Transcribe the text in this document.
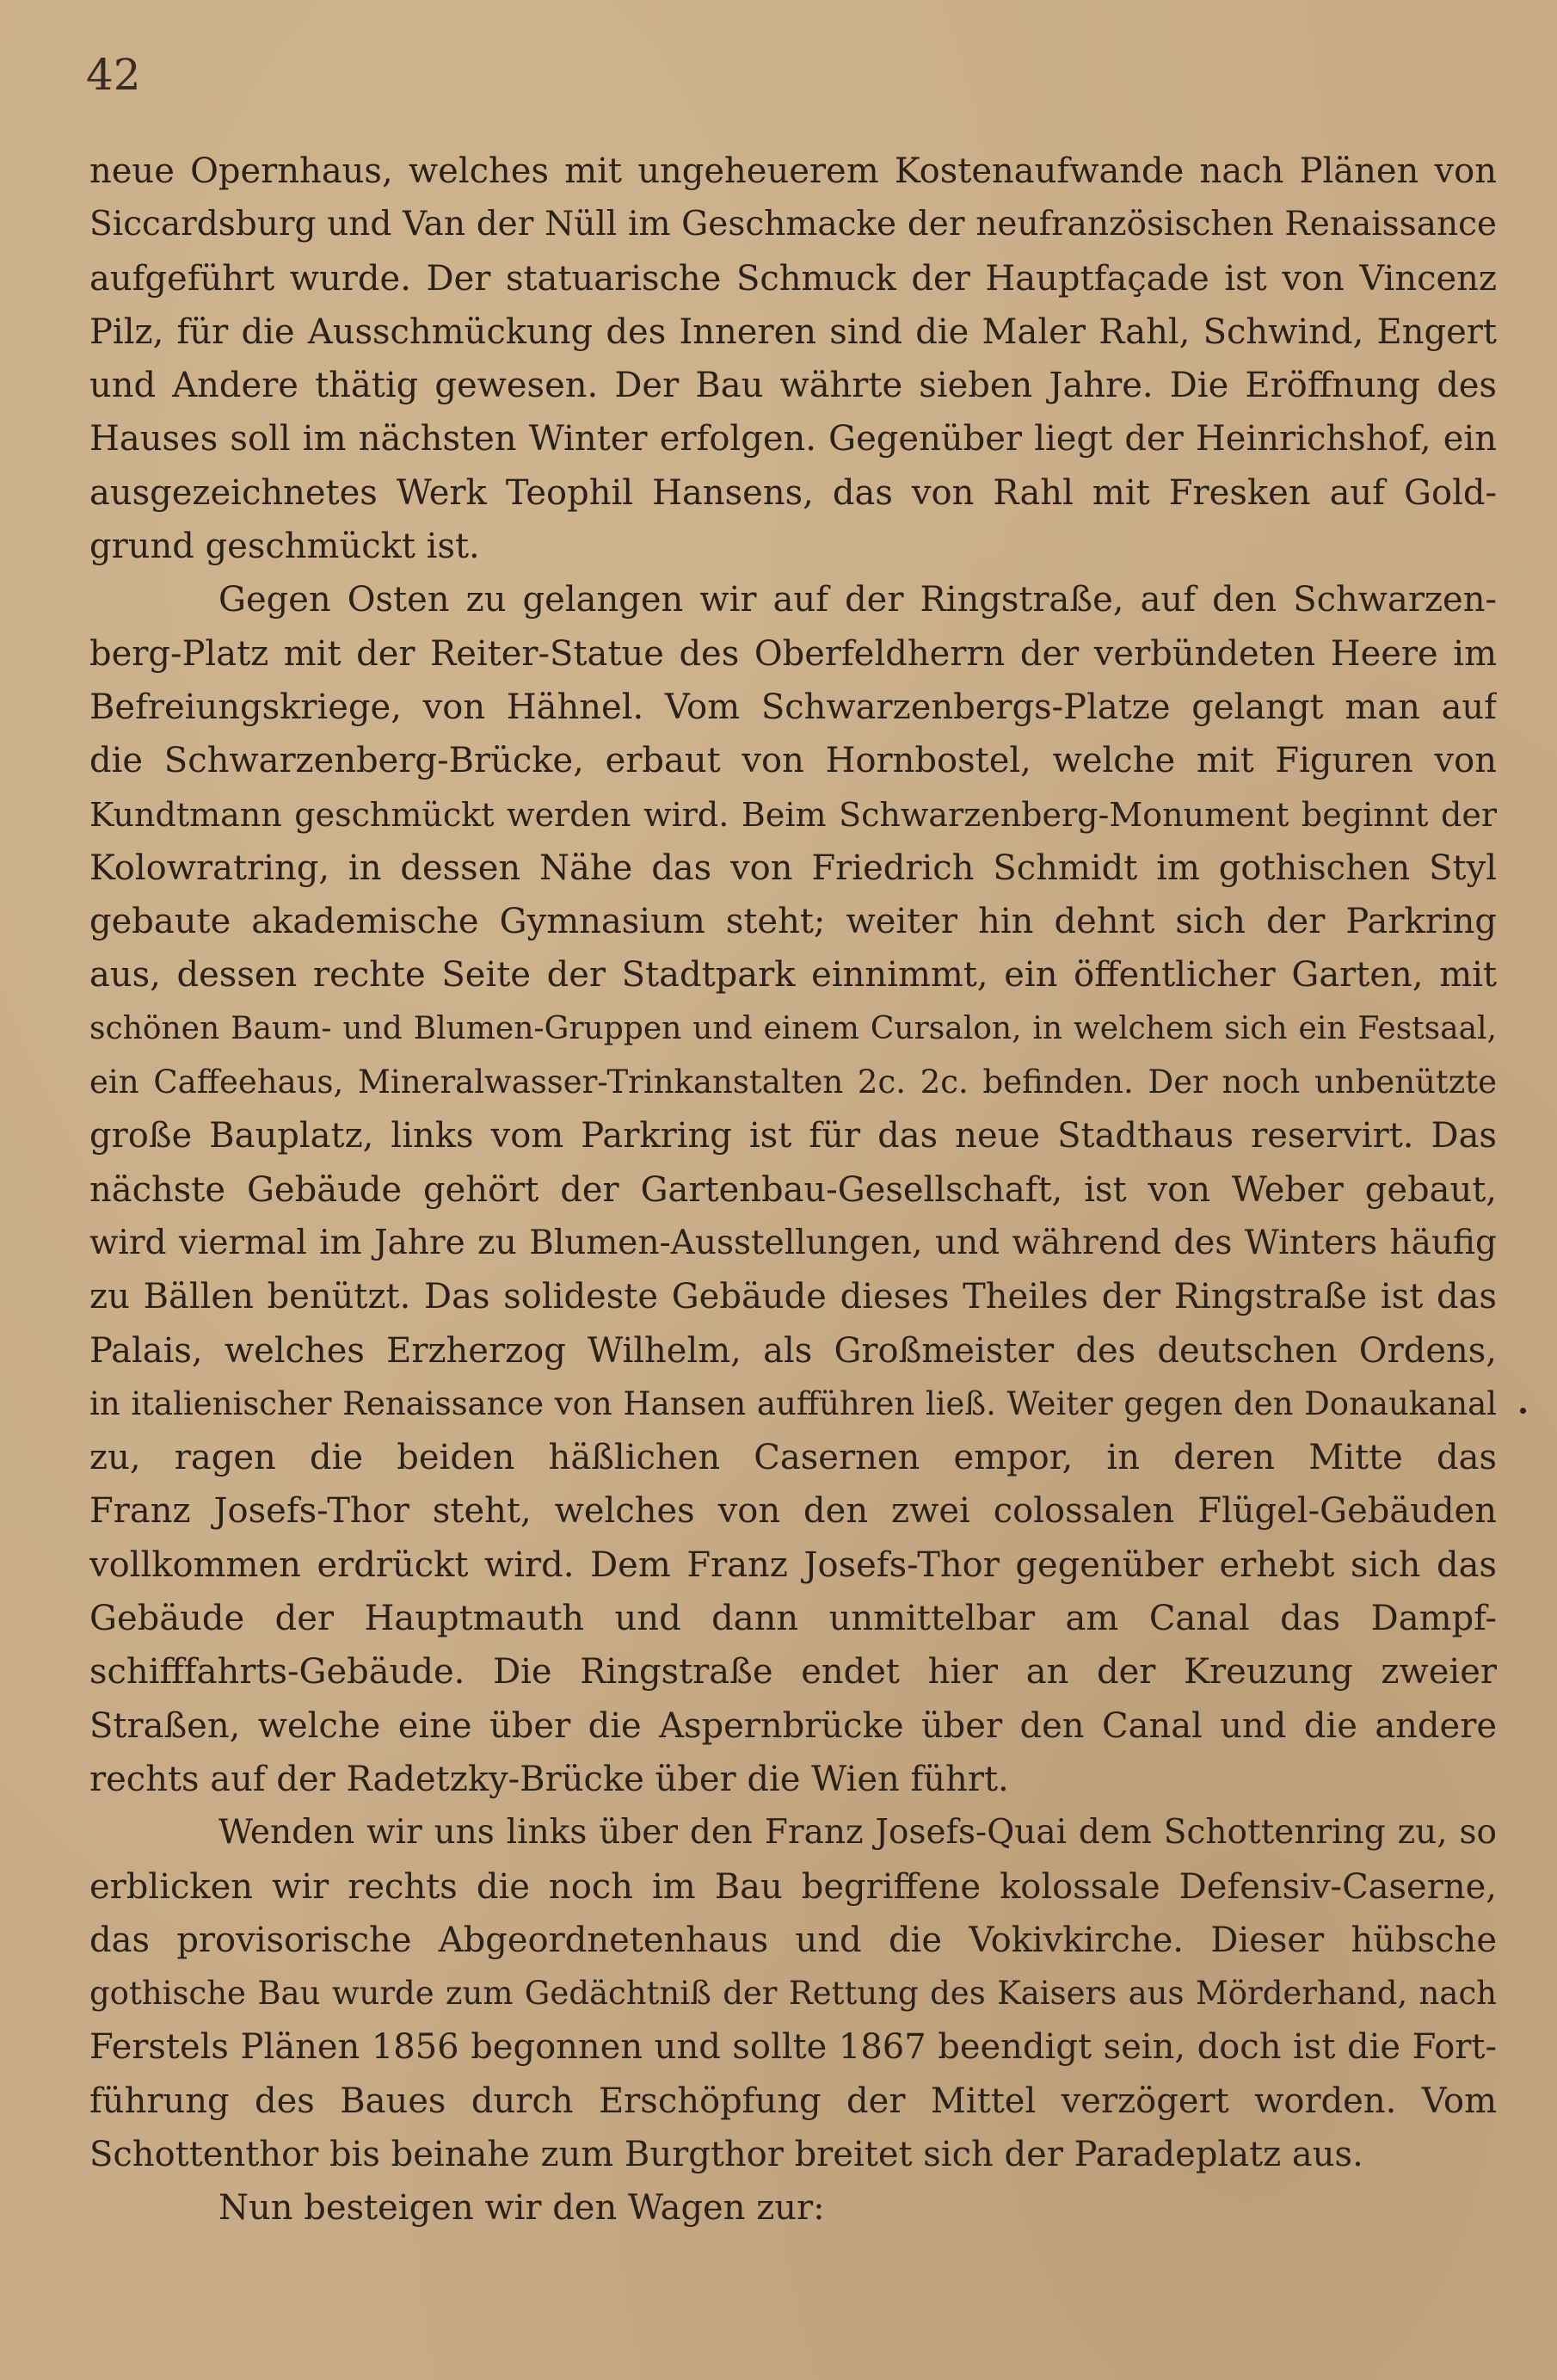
42
neue Opernhaus, welches mit ungeheuerem Kostenaufwande nach Plänen von
Siccardsburg und Van der Nüll im Geschmacke der neufranzösischen Renaissance
aufgeführt wurde. Der statuarische Schmuck der Hauptfaçade ist von Vincenz
Pilz, für die Ausschmückung des Inneren sind die Maler Rahl, Schwind, Engert
und Andere thätig gewesen. Der Bau währte sieben Jahre. Die Eröffnung des
Hauses soll im nächsten Winter erfolgen. Gegenüber liegt der Heinrichshof, ein
ausgezeichnetes Werk Teophil Hansens, das von Rahl mit Fresken auf Gold-
grund geschmückt ist.
Gegen Osten zu gelangen wir auf der Ringstraße, auf den Schwarzen-
berg-Platz mit der Reiter-Statue des Oberfeldherrn der verbündeten Heere im
Befreiungskriege, von Hähnel. Vom Schwarzenbergs-Platze gelangt man auf
die Schwarzenberg-Brücke, erbaut von Hornbostel, welche mit Figuren von
Kundtmann geschmückt werden wird. Beim Schwarzenberg-Monument beginnt der
Kolowratring, in dessen Nähe das von Friedrich Schmidt im gothischen Styl
gebaute akademische Gymnasium steht; weiter hin dehnt sich der Parkring
aus, dessen rechte Seite der Stadtpark einnimmt, ein öffentlicher Garten, mit
schönen Baum- und Blumen-Gruppen und einem Cursalon, in welchem sich ein Festsaal,
ein Caffeehaus, Mineralwasser-Trinkanstalten 2c. 2c. befinden. Der noch unbenützte
große Bauplatz, links vom Parkring ist für das neue Stadthaus reservirt. Das
nächste Gebäude gehört der Gartenbau-Gesellschaft, ist von Weber gebaut,
wird viermal im Jahre zu Blumen-Ausstellungen, und während des Winters häufig
zu Bällen benützt. Das solideste Gebäude dieses Theiles der Ringstraße ist das
Palais, welches Erzherzog Wilhelm, als Großmeister des deutschen Ordens,
in italienischer Renaissance von Hansen aufführen ließ. Weiter gegen den Donaukanal
zu, ragen die beiden häßlichen Casernen empor, in deren Mitte das
Franz Josefs-Thor steht, welches von den zwei colossalen Flügel-Gebäuden
vollkommen erdrückt wird. Dem Franz Josefs-Thor gegenüber erhebt sich das
Gebäude der Hauptmauth und dann unmittelbar am Canal das Dampf-
schifffahrts-Gebäude. Die Ringstraße endet hier an der Kreuzung zweier
Straßen, welche eine über die Aspernbrücke über den Canal und die andere
rechts auf der Radetzky-Brücke über die Wien führt.
Wenden wir uns links über den Franz Josefs-Quai dem Schottenring zu, so
erblicken wir rechts die noch im Bau begriffene kolossale Defensiv-Caserne,
das provisorische Abgeordnetenhaus und die Vokivkirche. Dieser hübsche
gothische Bau wurde zum Gedächtniß der Rettung des Kaisers aus Mörderhand, nach
Ferstels Plänen 1856 begonnen und sollte 1867 beendigt sein, doch ist die Fort-
führung des Baues durch Erschöpfung der Mittel verzögert worden. Vom
Schottenthor bis beinahe zum Burgthor breitet sich der Paradeplatz aus.
Nun besteigen wir den Wagen zur:
